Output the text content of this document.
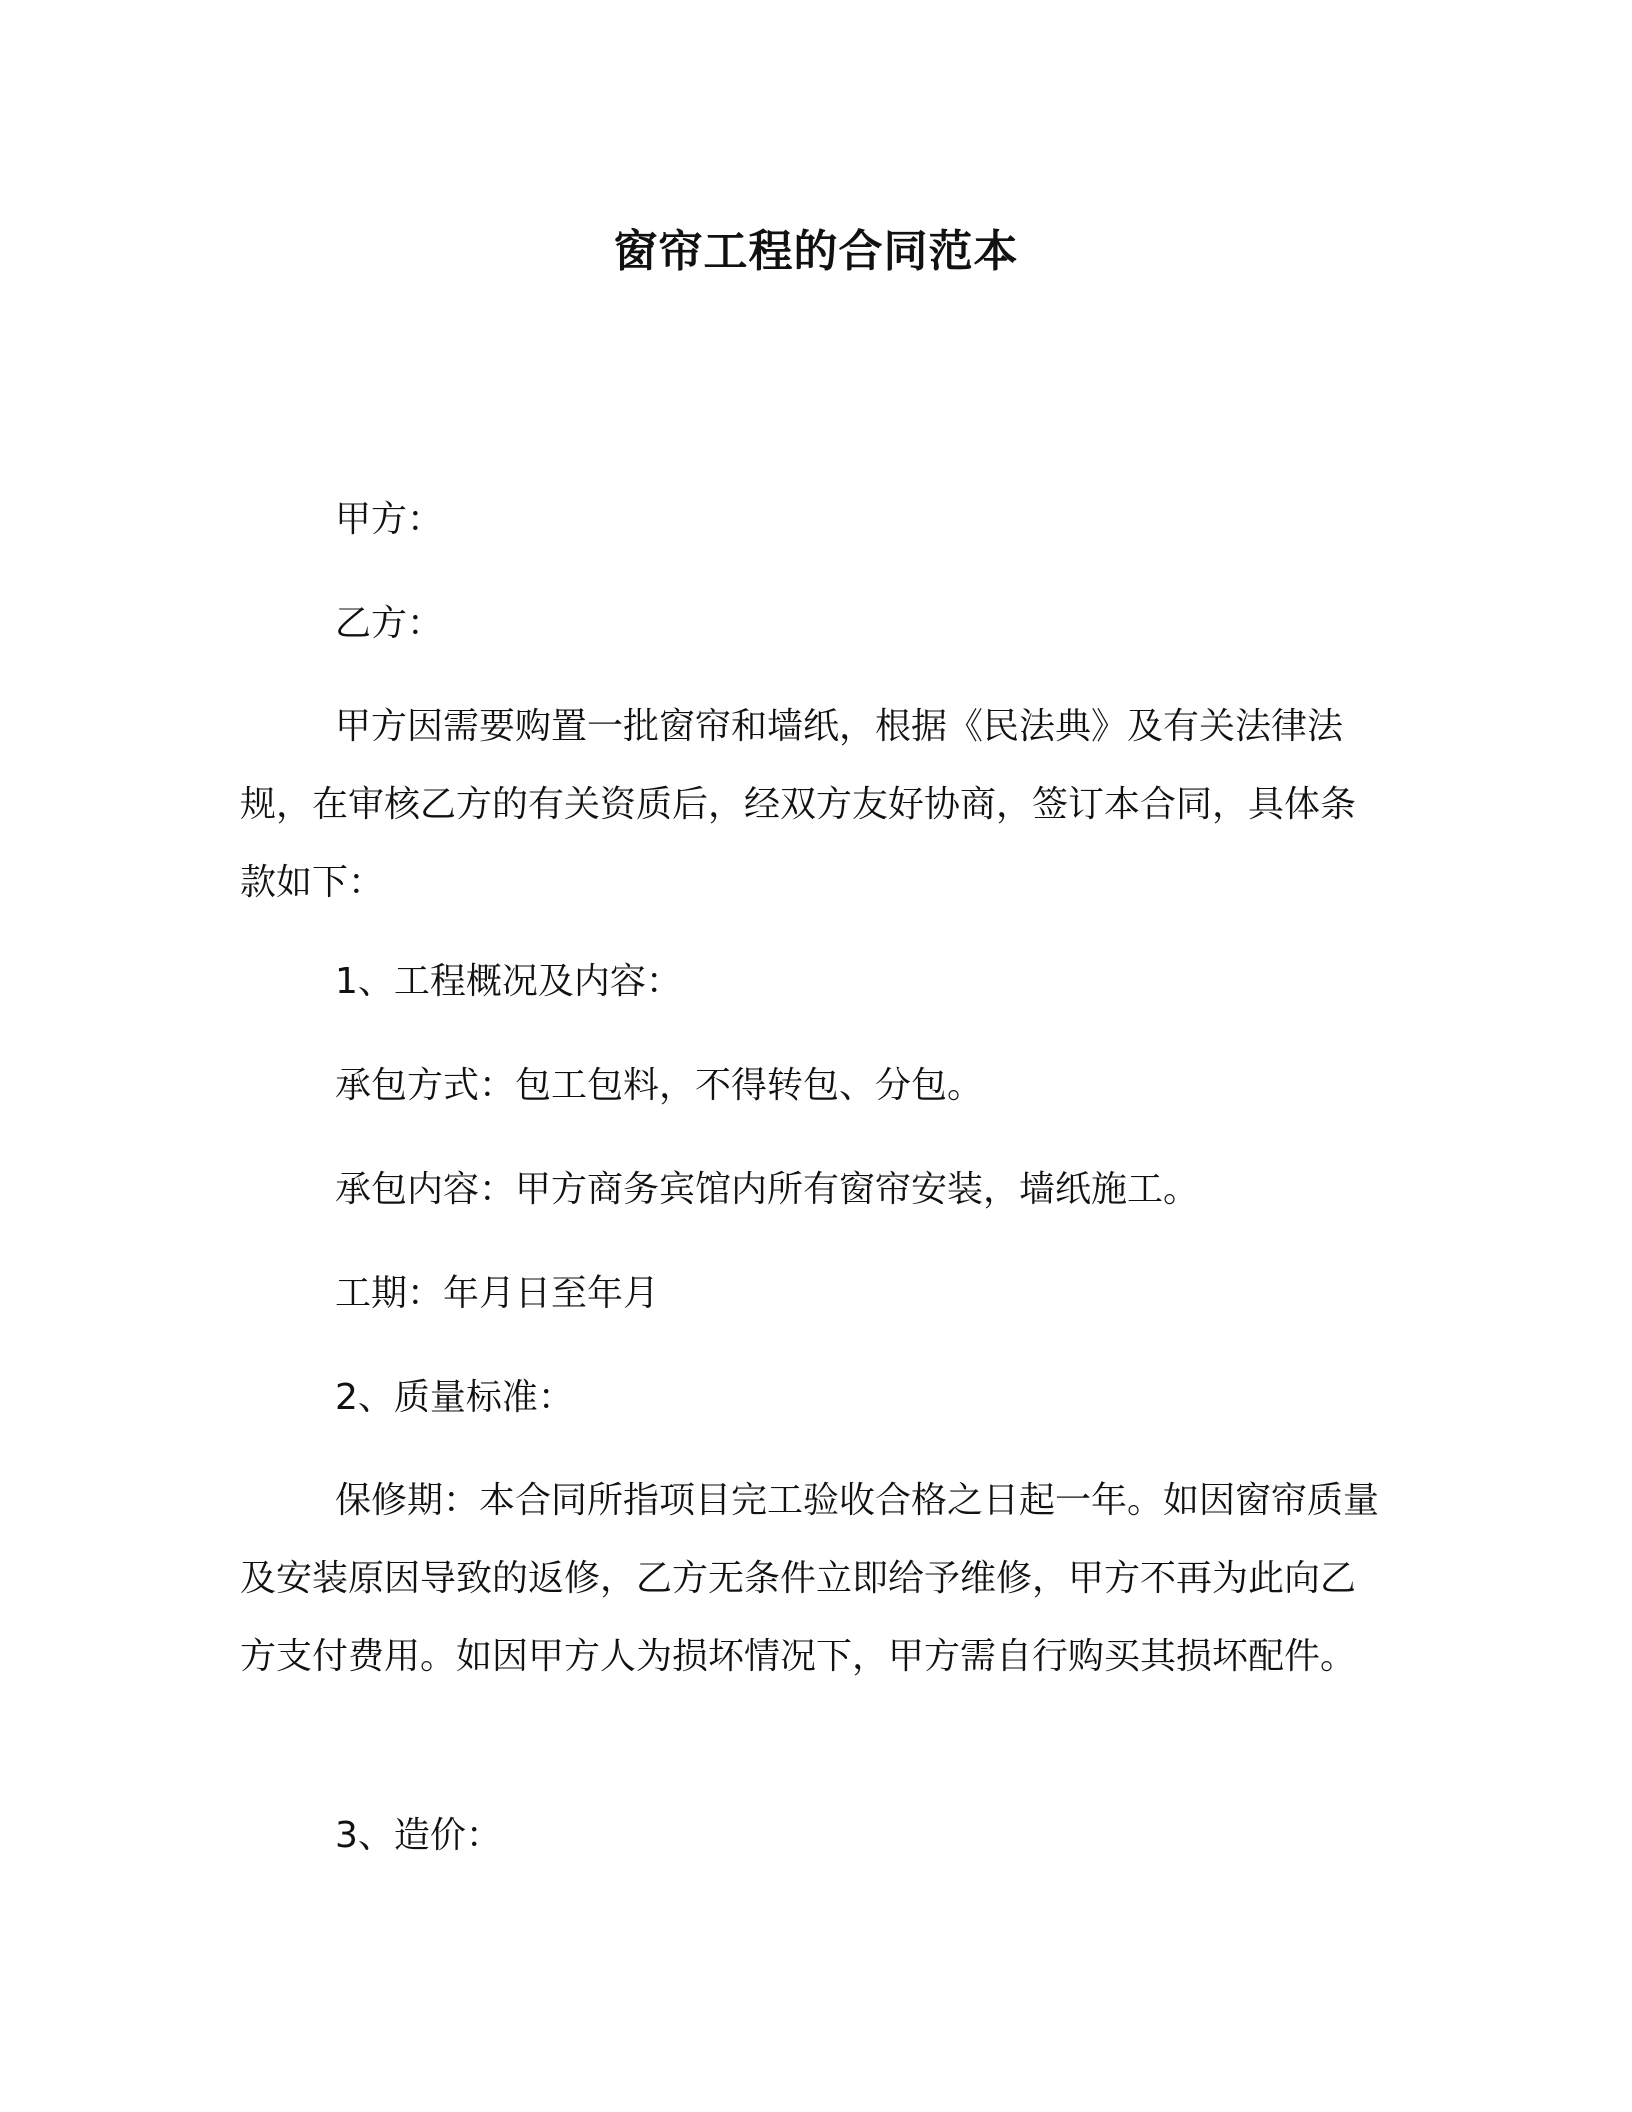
窗帘工程的合同范本
甲方：
乙方：

甲方因需要购置一批窗帘和墙纸，根据《民法典》及有关法律法规，在审核乙方的有关资质后，经双方友好协商，签订本合同，具体条款如下：

1、工程概况及内容：
承包方式：包工包料，不得转包、分包。
承包内容：甲方商务宾馆内所有窗帘安装，墙纸施工。
工期：年月日至年月
2、质量标准：

保修期：本合同所指项目完工验收合格之日起一年。如因窗帘质量及安装原因导致的返修，乙方无条件立即给予维修，甲方不再为此向乙方支付费用。如因甲方人为损坏情况下，甲方需自行购买其损坏配件。

3、造价：
